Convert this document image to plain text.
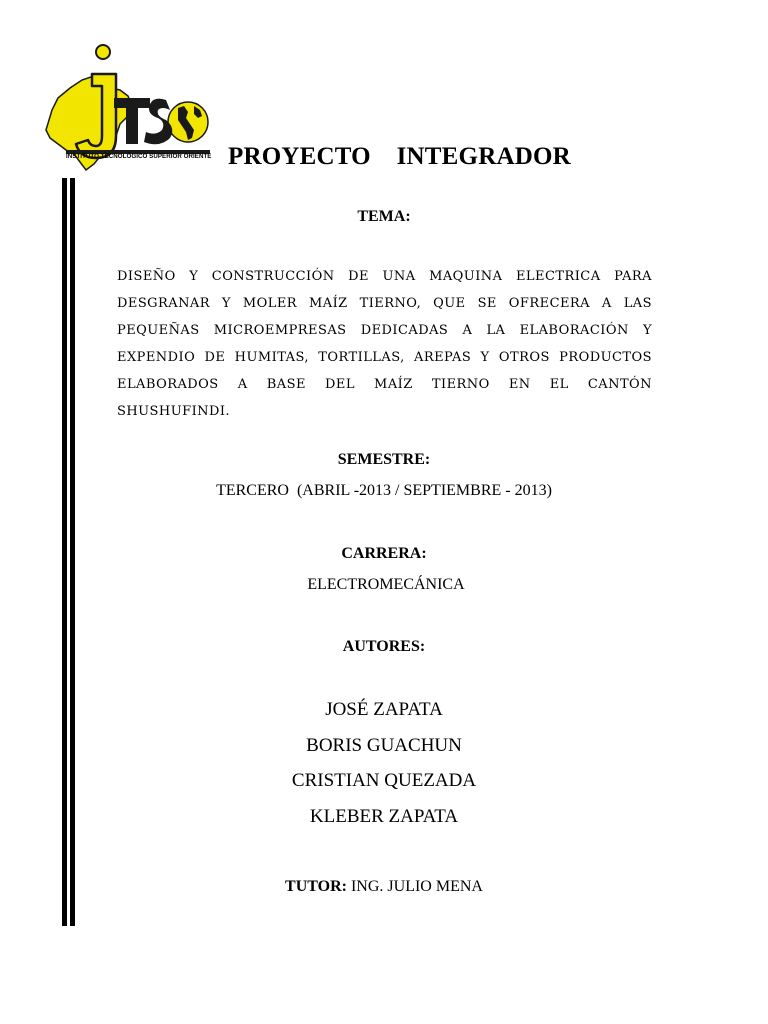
INSTITUTO TECNOLÓGICO SUPERIOR ORIENTE PROYECTO    INTEGRADOR
TEMA:
DISEÑO Y CONSTRUCCIÓN DE UNA MAQUINA ELECTRICA PARA DESGRANAR Y MOLER MAÍZ TIERNO, QUE SE OFRECERA A LAS PEQUEÑAS MICROEMPRESAS DEDICADAS A LA ELABORACIÓN Y EXPENDIO DE HUMITAS, TORTILLAS, AREPAS Y OTROS PRODUCTOS ELABORADOS A BASE DEL MAÍZ TIERNO EN EL CANTÓN SHUSHUFINDI.
SEMESTRE:
TERCERO  (ABRIL -2013 / SEPTIEMBRE - 2013)
CARRERA:
ELECTROMECÁNICA
AUTORES:
JOSÉ ZAPATA
BORIS GUACHUN
CRISTIAN QUEZADA
KLEBER ZAPATA
TUTOR: ING. JULIO MENA
